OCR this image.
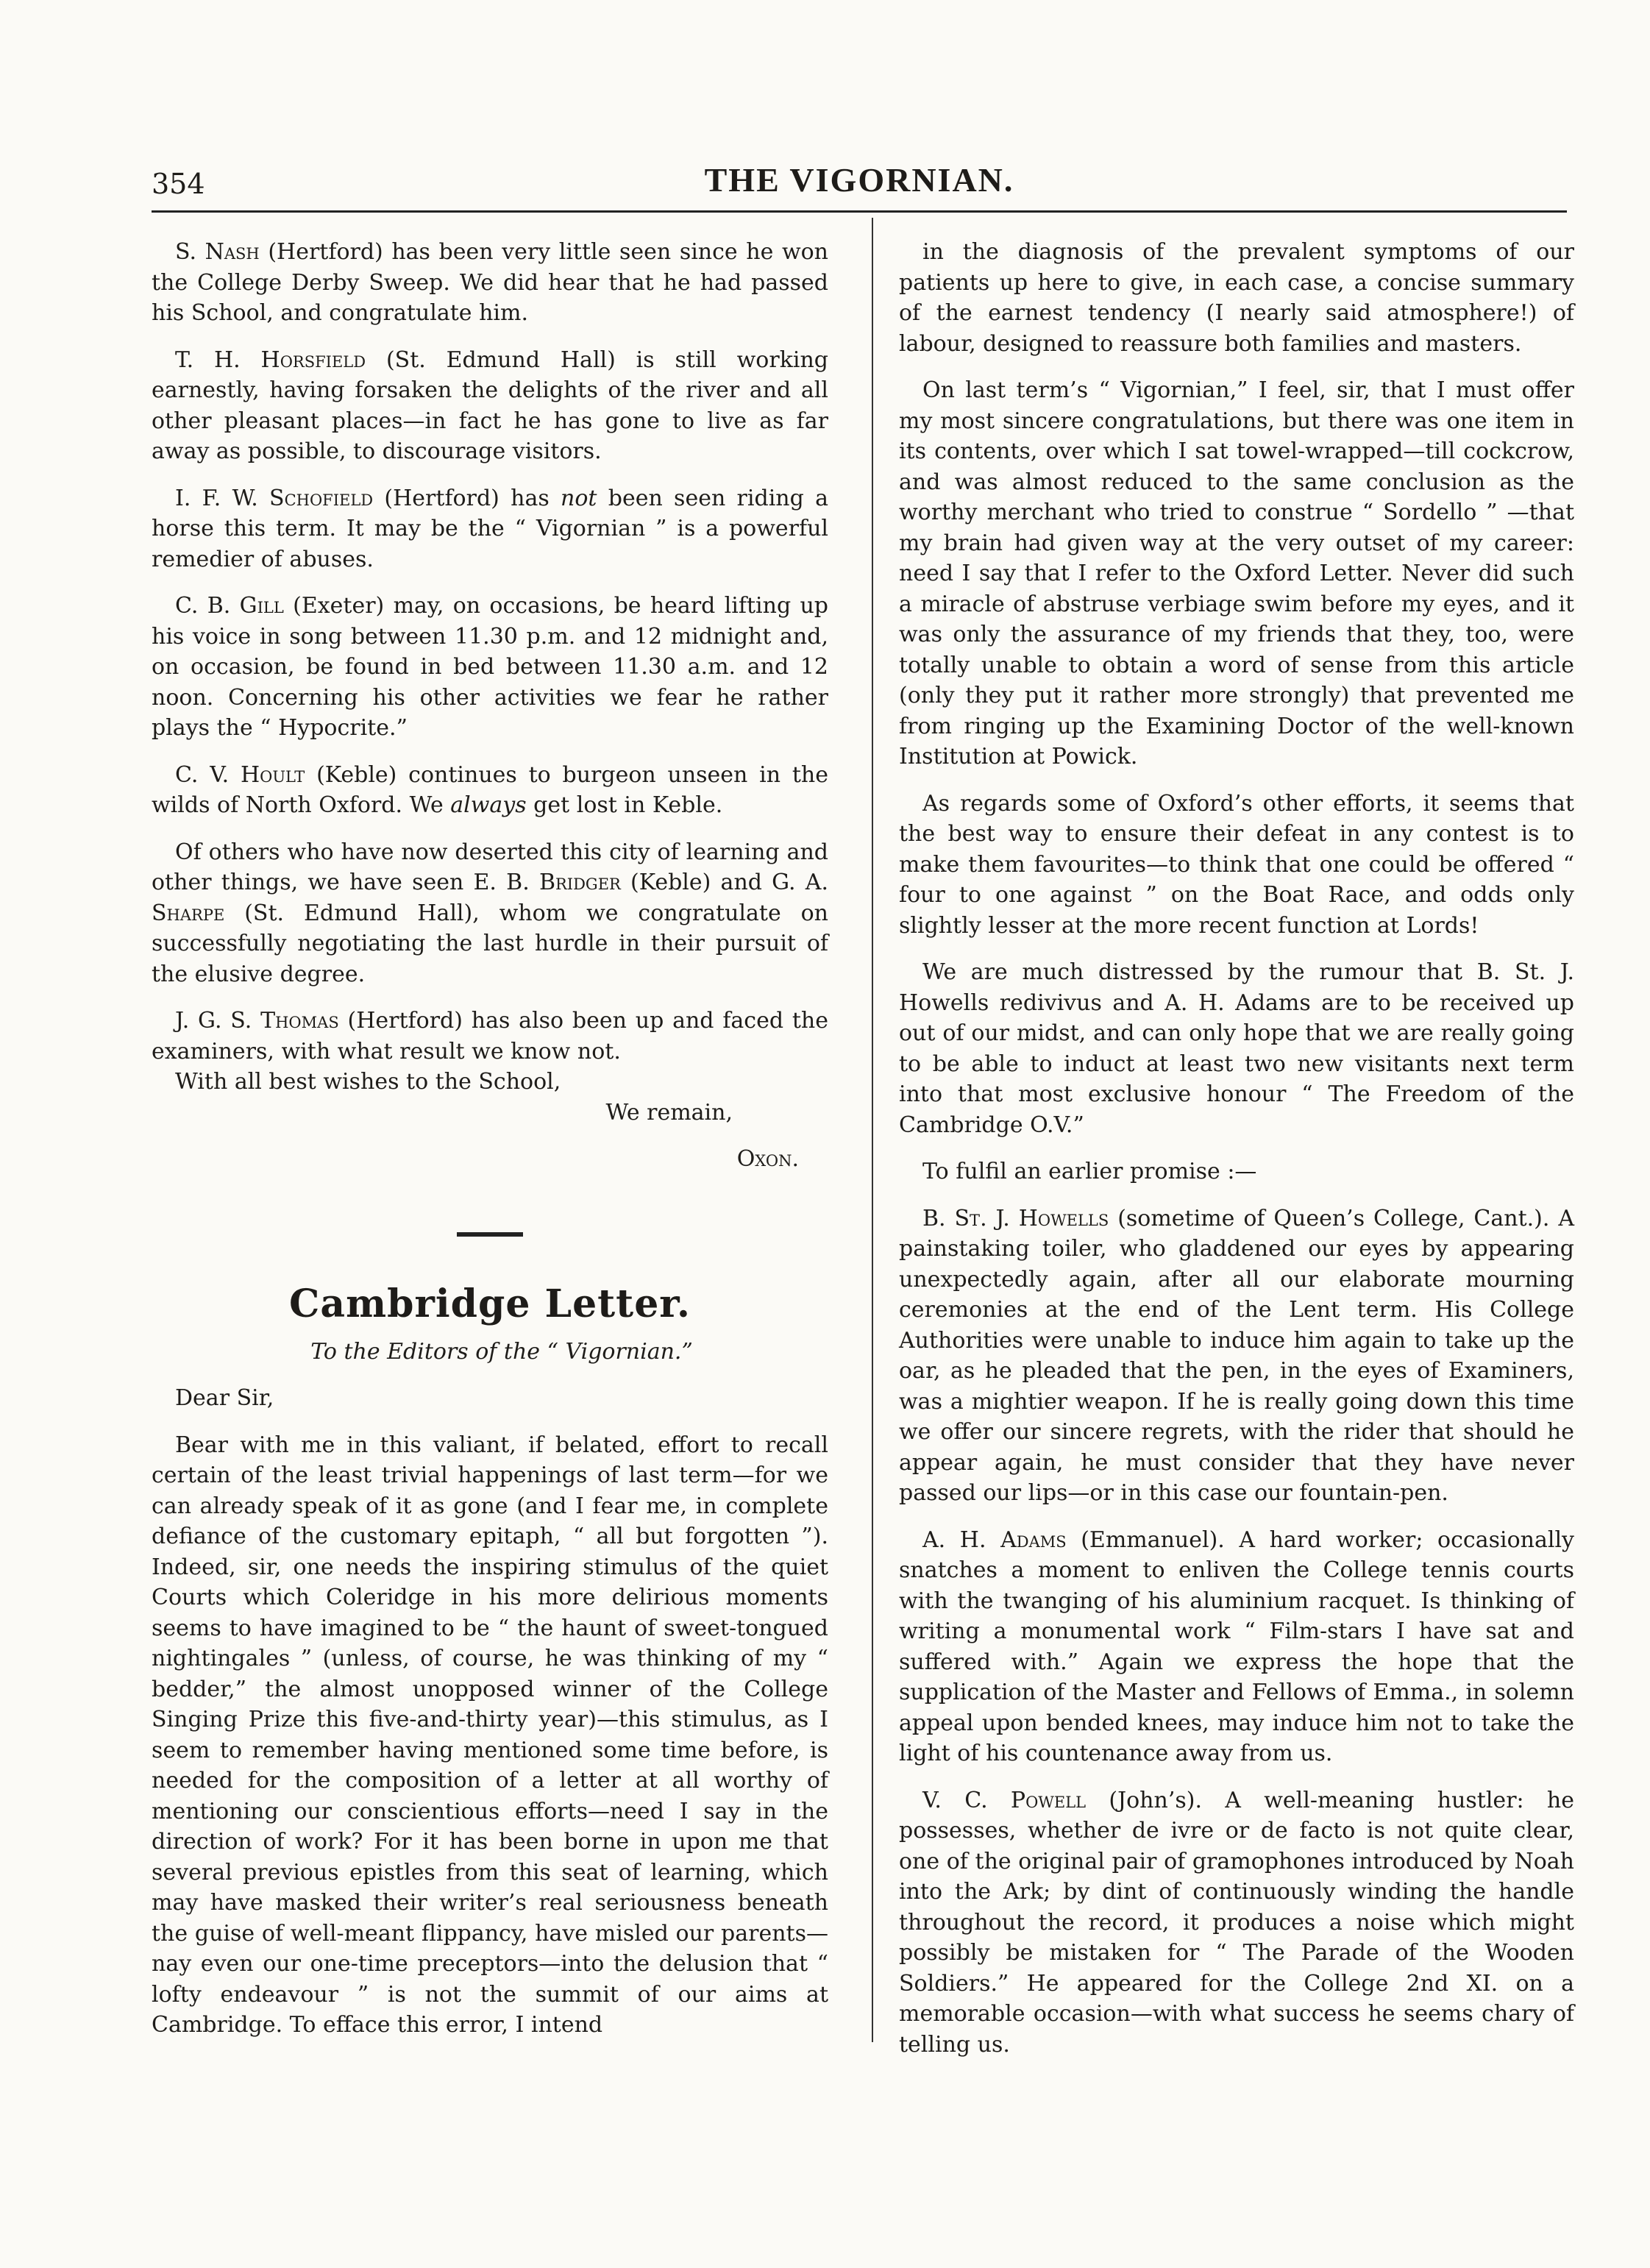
354	THE VIGORNIAN.

S. Nash (Hertford) has been very little seen since he won the College Derby Sweep. We did hear that he had passed his School, and congratulate him.

T. H. Horsfield (St. Edmund Hall) is still working earnestly, having forsaken the delights of the river and all other pleasant places—in fact he has gone to live as far away as possible, to discourage visitors.

I. F. W. Schofield (Hertford) has not been seen riding a horse this term. It may be the “ Vigornian ” is a powerful remedier of abuses.

C. B. Gill (Exeter) may, on occasions, be heard lifting up his voice in song between 11.30 p.m. and 12 midnight and, on occasion, be found in bed between 11.30 a.m. and 12 noon. Concerning his other activities we fear he rather plays the “ Hypocrite.”

C. V. Hoult (Keble) continues to burgeon unseen in the wilds of North Oxford. We always get lost in Keble.

Of others who have now deserted this city of learning and other things, we have seen E. B. Bridger (Keble) and G. A. Sharpe (St. Edmund Hall), whom we congratulate on successfully negotiating the last hurdle in their pursuit of the elusive degree.

J. G. S. Thomas (Hertford) has also been up and faced the examiners, with what result we know not.

With all best wishes to the School,

We remain,

Oxon.

Cambridge Letter.

To the Editors of the “ Vigornian.”

Dear Sir,

Bear with me in this valiant, if belated, effort to recall certain of the least trivial happenings of last term—for we can already speak of it as gone (and I fear me, in complete defiance of the customary epitaph, “ all but forgotten ”). Indeed, sir, one needs the inspiring stimulus of the quiet Courts which Coleridge in his more delirious moments seems to have imagined to be “ the haunt of sweet-tongued nightingales ” (unless, of course, he was thinking of my “ bedder,” the almost unopposed winner of the College Singing Prize this five-and-thirty year)—this stimulus, as I seem to remember having mentioned some time before, is needed for the composition of a letter at all worthy of mentioning our conscientious efforts—need I say in the direction of work? For it has been borne in upon me that several previous epistles from this seat of learning, which may have masked their writer’s real seriousness beneath the guise of well-meant flippancy, have misled our parents—nay even our one-time preceptors—into the delusion that “ lofty endeavour ” is not the summit of our aims at Cambridge. To efface this error, I intend

in the diagnosis of the prevalent symptoms of our patients up here to give, in each case, a concise summary of the earnest tendency (I nearly said atmosphere!) of labour, designed to reassure both families and masters.

On last term’s “ Vigornian,” I feel, sir, that I must offer my most sincere congratulations, but there was one item in its contents, over which I sat towel-wrapped—till cockcrow, and was almost reduced to the same conclusion as the worthy merchant who tried to construe “ Sordello ” —that my brain had given way at the very outset of my career: need I say that I refer to the Oxford Letter. Never did such a miracle of abstruse verbiage swim before my eyes, and it was only the assurance of my friends that they, too, were totally unable to obtain a word of sense from this article (only they put it rather more strongly) that prevented me from ringing up the Examining Doctor of the well-known Institution at Powick.

As regards some of Oxford’s other efforts, it seems that the best way to ensure their defeat in any contest is to make them favourites—to think that one could be offered “ four to one against ” on the Boat Race, and odds only slightly lesser at the more recent function at Lords!

We are much distressed by the rumour that B. St. J. Howells redivivus and A. H. Adams are to be received up out of our midst, and can only hope that we are really going to be able to induct at least two new visitants next term into that most exclusive honour “ The Freedom of the Cambridge O.V.”

To fulfil an earlier promise :—

B. St. J. Howells (sometime of Queen’s College, Cant.). A painstaking toiler, who gladdened our eyes by appearing unexpectedly again, after all our elaborate mourning ceremonies at the end of the Lent term. His College Authorities were unable to induce him again to take up the oar, as he pleaded that the pen, in the eyes of Examiners, was a mightier weapon. If he is really going down this time we offer our sincere regrets, with the rider that should he appear again, he must consider that they have never passed our lips—or in this case our fountain-pen.

A. H. Adams (Emmanuel). A hard worker; occasionally snatches a moment to enliven the College tennis courts with the twanging of his aluminium racquet. Is thinking of writing a monumental work “ Film-stars I have sat and suffered with.” Again we express the hope that the supplication of the Master and Fellows of Emma., in solemn appeal upon bended knees, may induce him not to take the light of his countenance away from us.

V. C. Powell (John’s). A well-meaning hustler: he possesses, whether de ivre or de facto is not quite clear, one of the original pair of gramophones introduced by Noah into the Ark; by dint of continuously winding the handle throughout the record, it produces a noise which might possibly be mistaken for “ The Parade of the Wooden Soldiers.” He appeared for the College 2nd XI. on a memorable occasion—with what success he seems chary of telling us.
